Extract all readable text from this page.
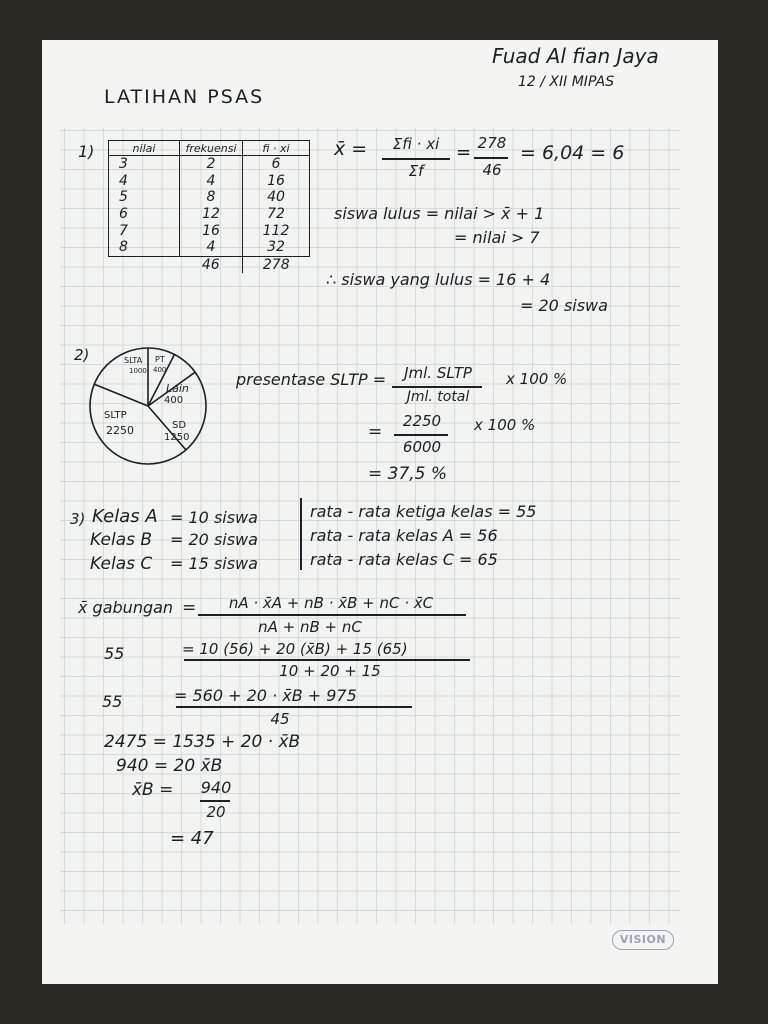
Fuad Al fian Jaya
12 / XII MIPAS
LATIHAN PSAS
1)	nilai	frekuensi	fi · xi
3	2	6
4	4	16
5	8	40
6	12	72
7	16	112
8	4	32
	46	278
x̄ =	Σfi · xi
Σf
= 278
46
= 6,04 = 6
siswa lulus = nilai > x̄ + 1
= nilai > 7
∴ siswa yang lulus = 16 + 4
= 20 siswa
2)	SLTA
1000
PT
400
Lain
400
SD
1250
SLTP
2250
presentase SLTP =	Jml. SLTP
Jml. total
x 100 %
=
2250
6000
x 100 %
= 37,5 %
3) Kelas A = 10 siswa
Kelas B = 20 siswa
Kelas C = 15 siswa
rata - rata ketiga kelas = 55
rata - rata kelas A = 56
rata - rata kelas C = 65
x̄ gabungan =	nA · x̄A + nB · x̄B + nC · x̄C
nA + nB + nC
55	= 10 (56) + 20 (x̄B) + 15 (65)
10 + 20 + 15
55	= 560 + 20 · x̄B + 975
45
2475 = 1535 + 20 · x̄B
940 = 20 x̄B
x̄B = 940
20
= 47
VISION
